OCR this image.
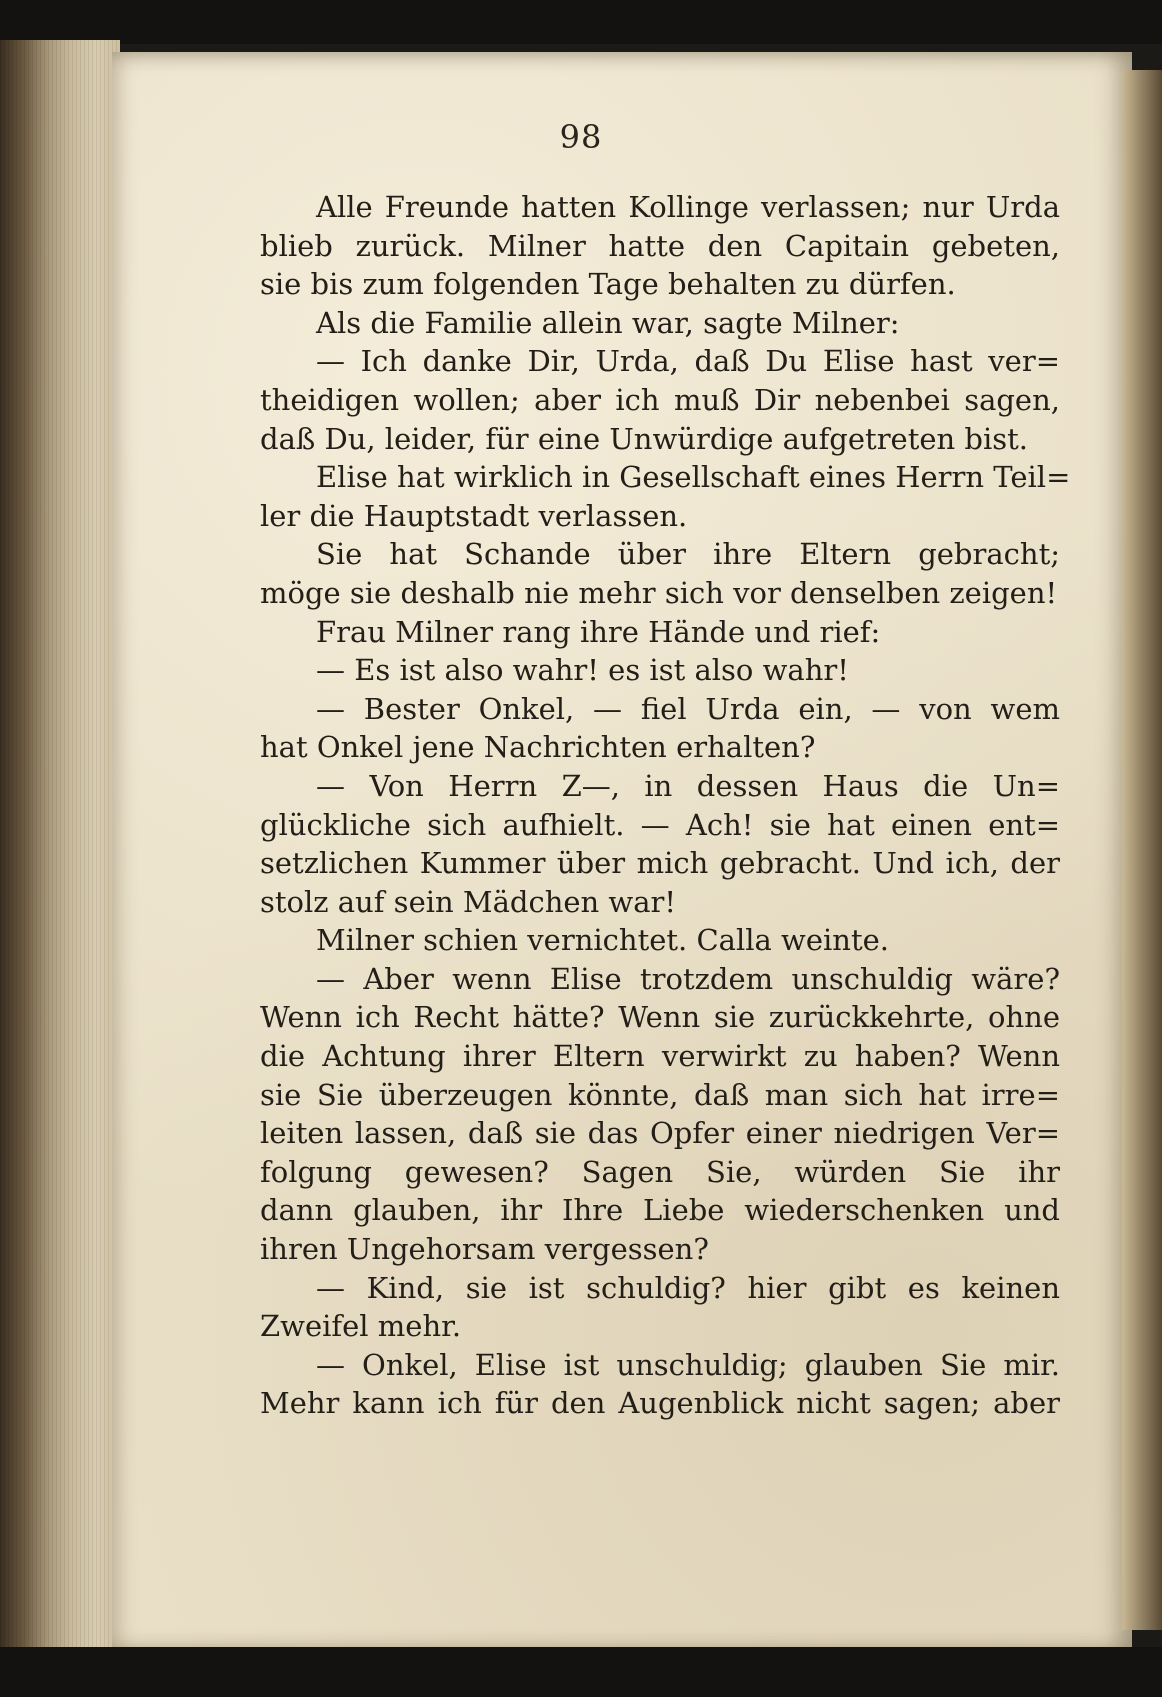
98
Alle Freunde hatten Kollinge verlassen; nur Urda
blieb zurück. Milner hatte den Capitain gebeten,
sie bis zum folgenden Tage behalten zu dürfen.
Als die Familie allein war, sagte Milner:
— Ich danke Dir, Urda, daß Du Elise hast ver=
theidigen wollen; aber ich muß Dir nebenbei sagen,
daß Du, leider, für eine Unwürdige aufgetreten bist.
Elise hat wirklich in Gesellschaft eines Herrn Teil=
ler die Hauptstadt verlassen.
Sie hat Schande über ihre Eltern gebracht;
möge sie deshalb nie mehr sich vor denselben zeigen!
Frau Milner rang ihre Hände und rief:
— Es ist also wahr! es ist also wahr!
— Bester Onkel, — fiel Urda ein, — von wem
hat Onkel jene Nachrichten erhalten?
— Von Herrn Z—, in dessen Haus die Un=
glückliche sich aufhielt. — Ach! sie hat einen ent=
setzlichen Kummer über mich gebracht. Und ich, der
stolz auf sein Mädchen war!
Milner schien vernichtet. Calla weinte.
— Aber wenn Elise trotzdem unschuldig wäre?
Wenn ich Recht hätte? Wenn sie zurückkehrte, ohne
die Achtung ihrer Eltern verwirkt zu haben? Wenn
sie Sie überzeugen könnte, daß man sich hat irre=
leiten lassen, daß sie das Opfer einer niedrigen Ver=
folgung gewesen? Sagen Sie, würden Sie ihr
dann glauben, ihr Ihre Liebe wiederschenken und
ihren Ungehorsam vergessen?
— Kind, sie ist schuldig? hier gibt es keinen
Zweifel mehr.
— Onkel, Elise ist unschuldig; glauben Sie mir.
Mehr kann ich für den Augenblick nicht sagen; aber
